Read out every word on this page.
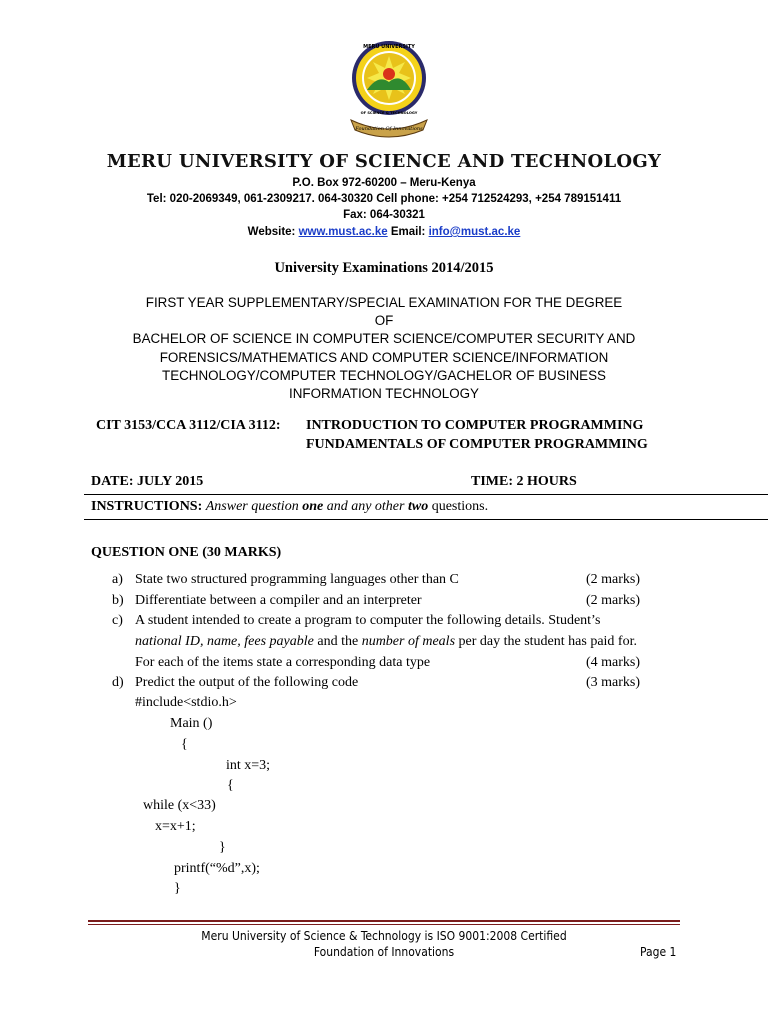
Foundation Of Innovations
MERU UNIVERSITY
OF SCIENCE & TECHNOLOGY
MERU UNIVERSITY OF SCIENCE AND TECHNOLOGY
P.O. Box 972-60200 – Meru-Kenya
Tel: 020-2069349, 061-2309217. 064-30320 Cell phone: +254 712524293, +254 789151411
Fax: 064-30321
Website: www.must.ac.ke Email: info@must.ac.ke
University Examinations 2014/2015
FIRST YEAR SUPPLEMENTARY/SPECIAL EXAMINATION FOR THE DEGREE
OF
BACHELOR OF SCIENCE IN COMPUTER SCIENCE/COMPUTER SECURITY AND
FORENSICS/MATHEMATICS AND COMPUTER SCIENCE/INFORMATION
TECHNOLOGY/COMPUTER TECHNOLOGY/GACHELOR OF BUSINESS
INFORMATION TECHNOLOGY
CIT 3153/CCA 3112/CIA 3112: INTRODUCTION TO COMPUTER PROGRAMMING
FUNDAMENTALS OF COMPUTER PROGRAMMING
DATE: JULY 2015	TIME: 2 HOURS
INSTRUCTIONS: Answer question one and any other two questions.
QUESTION ONE (30 MARKS)
a) State two structured programming languages other than C	(2 marks)
b) Differentiate between a compiler and an interpreter	(2 marks)
c) A student intended to create a program to computer the following details. Student’s
national ID, name, fees payable and the number of meals per day the student has paid for.
For each of the items state a corresponding data type	(4 marks)
d) Predict the output of the following code	(3 marks)
#include<stdio.h>
Main ()
{
int x=3;
{
while (x<33)
x=x+1;
}
printf(“%d”,x);
}
Meru University of Science & Technology is ISO 9001:2008 Certified
Foundation of Innovations	Page 1
